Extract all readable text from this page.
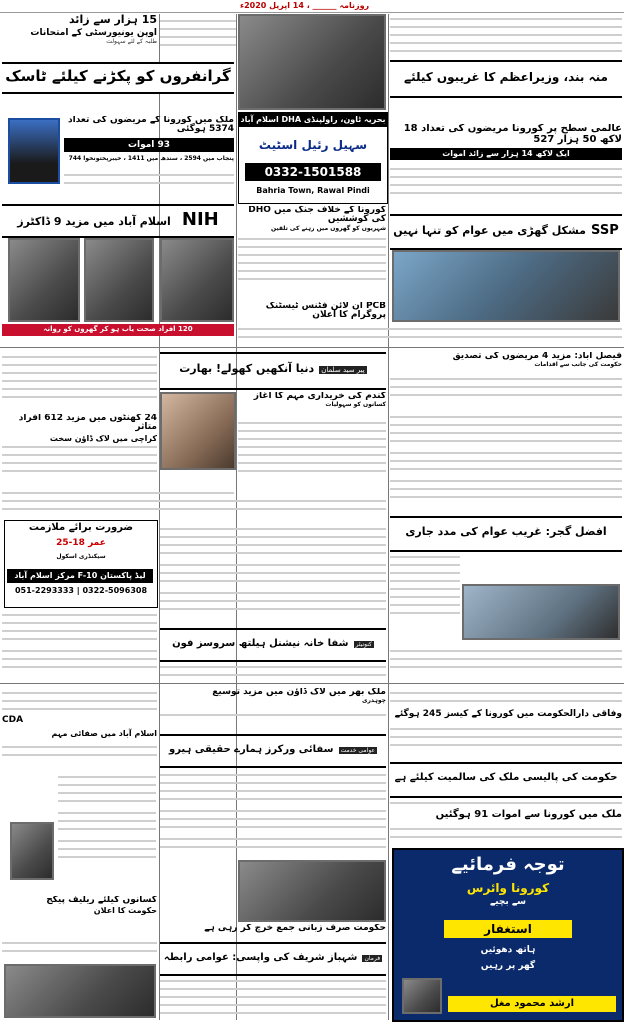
روزنامہ ______ ، 14 اپریل 2020ء
15 ہزار سے زائد
اوپن یونیورسٹی کے امتحانات
طلبہ کے لئے سہولت
گرانفروں کو پکڑنے کیلئے ٹاسک	منہ بند، وزیراعظم کا غریبوں کیلئے
ملک میں کورونا کے مریضوں کی تعداد 5374 ہوگئی
93 اموات
پنجاب میں 2594 ، سندھ میں 1411 ، خیبرپختونخوا 744
بحریہ ٹاون، راولپنڈی DHA اسلام آباد
سہیل رئیل اسٹیٹ
0332-1501588
Bahria Town, Rawal Pindi
عالمی سطح پر کورونا مریضوں کی تعداد 18 لاکھ 50 ہزار 527
ایک لاکھ 14 ہزار سے زائد اموات
NIH اسلام آباد میں مزید 9 ڈاکٹرز
کورونا کے خلاف جنگ میں DHO کی کوششیں
شہریوں کو گھروں میں رہنے کی تلقین	SSP مشکل گھڑی میں عوام کو تنہا نہیں
PCB آن لائن فٹنس ٹیسٹنگ پروگرام کا اعلان
120 افراد صحت یاب ہو کر گھروں کو روانہ
پیر سید سلمان دنیا آنکھیں کھولے! بھارت
فیصل آباد: مزید 4 مریضوں کی تصدیق
حکومت کی جانب سے اقدامات
24 گھنٹوں میں مزید 612 افراد متاثر
کراچی میں لاک ڈاؤن سخت
گندم کی خریداری مہم کا آغاز
کسانوں کو سہولیات
ضرورت برائے ملازمت
عمر 18-25
سیکنڈری اسکول
لیڈ پاکستان F-10 مرکز اسلام آباد
051-2293333 | 0322-5096308
افضل گجر: غریب عوام کی مدد جاری
کنونیئر شفا خانہ نیشنل ہیلتھ سروسز فون
ملک بھر میں لاک ڈاؤن میں مزید توسیع
چوہدری
CDA
اسلام آباد میں صفائی مہم
وفاقی دارالحکومت میں کورونا کے کیسز 245 ہوگئے
عوامی خدمت سفائی ورکرز ہمارے حقیقی ہیرو
حکومت کی پالیسی ملک کی سالمیت کیلئے ہے
ملک میں کورونا سے اموات 91 ہوگئیں
توجہ فرمائیے
کورونا وائرس
سے بچیے
استغفار
ہاتھ دھوئیں
گھر پر رہیں
ارشد محمود مغل
کسانوں کیلئے ریلیف پیکج
حکومت کا اعلان
حکومت صرف زبانی جمع خرچ کر رہی ہے
فرمان شہباز شریف کی واپسی: عوامی رابطہ
